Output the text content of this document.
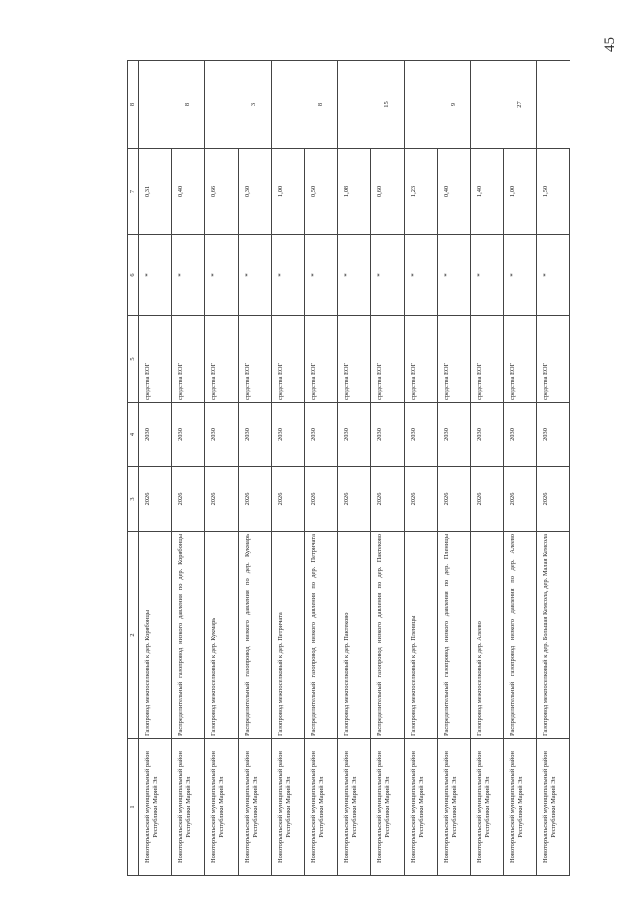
45
1	2	3	4	5	6	7	8
Новоторъяльский муниципальный район Республики Марий Эл	Газопровод межпоселковый к дер. Корябонцы	2026	2030	средства ЕОГ	*	0,31	
Новоторъяльский муниципальный район Республики Марий Эл	Распределительный газопровод низкого давления по дер. Корябонцы	2026	2030	средства ЕОГ	*	0,40	8
Новоторъяльский муниципальный район Республики Марий Эл	Газопровод межпоселковый к дер. Кукмарь	2026	2030	средства ЕОГ	*	0,66	
Новоторъяльский муниципальный район Республики Марий Эл	Распределительный газопровод низкого давления по дер. Кукмарь	2026	2030	средства ЕОГ	*	0,30	3
Новоторъяльский муниципальный район Республики Марий Эл	Газопровод межпоселковый к дер. Петричата	2026	2030	средства ЕОГ	*	1,00	
Новоторъяльский муниципальный район Республики Марий Эл	Распределительный газопровод низкого давления по дер. Петричата	2026	2030	средства ЕОГ	*	0,50	8
Новоторъяльский муниципальный район Республики Марий Эл	Газопровод межпоселковый к дер. Пактеково	2026	2030	средства ЕОГ	*	1,08	
Новоторъяльский муниципальный район Республики Марий Эл	Распределительный газопровод низкого давления по дер. Пактеково	2026	2030	средства ЕОГ	*	0,60	15
Новоторъяльский муниципальный район Республики Марий Эл	Газопровод межпоселковый к дер. Пленицы	2026	2030	средства ЕОГ	*	1,23	
Новоторъяльский муниципальный район Республики Марий Эл	Распределительный газопровод низкого давления по дер. Пленицы	2026	2030	средства ЕОГ	*	0,40	9
Новоторъяльский муниципальный район Республики Марий Эл	Газопровод межпоселковый к дер. Алеево	2026	2030	средства ЕОГ	*	1,40	
Новоторъяльский муниципальный район Республики Марий Эл	Распределительный газопровод низкого давления по дер. Алеево	2026	2030	средства ЕОГ	*	1,00	27
Новоторъяльский муниципальный район Республики Марий Эл	Газопровод межпоселковый к дер. Большая Кемсола, дер. Малая Кемсола	2026	2030	средства ЕОГ	*	1,50	
